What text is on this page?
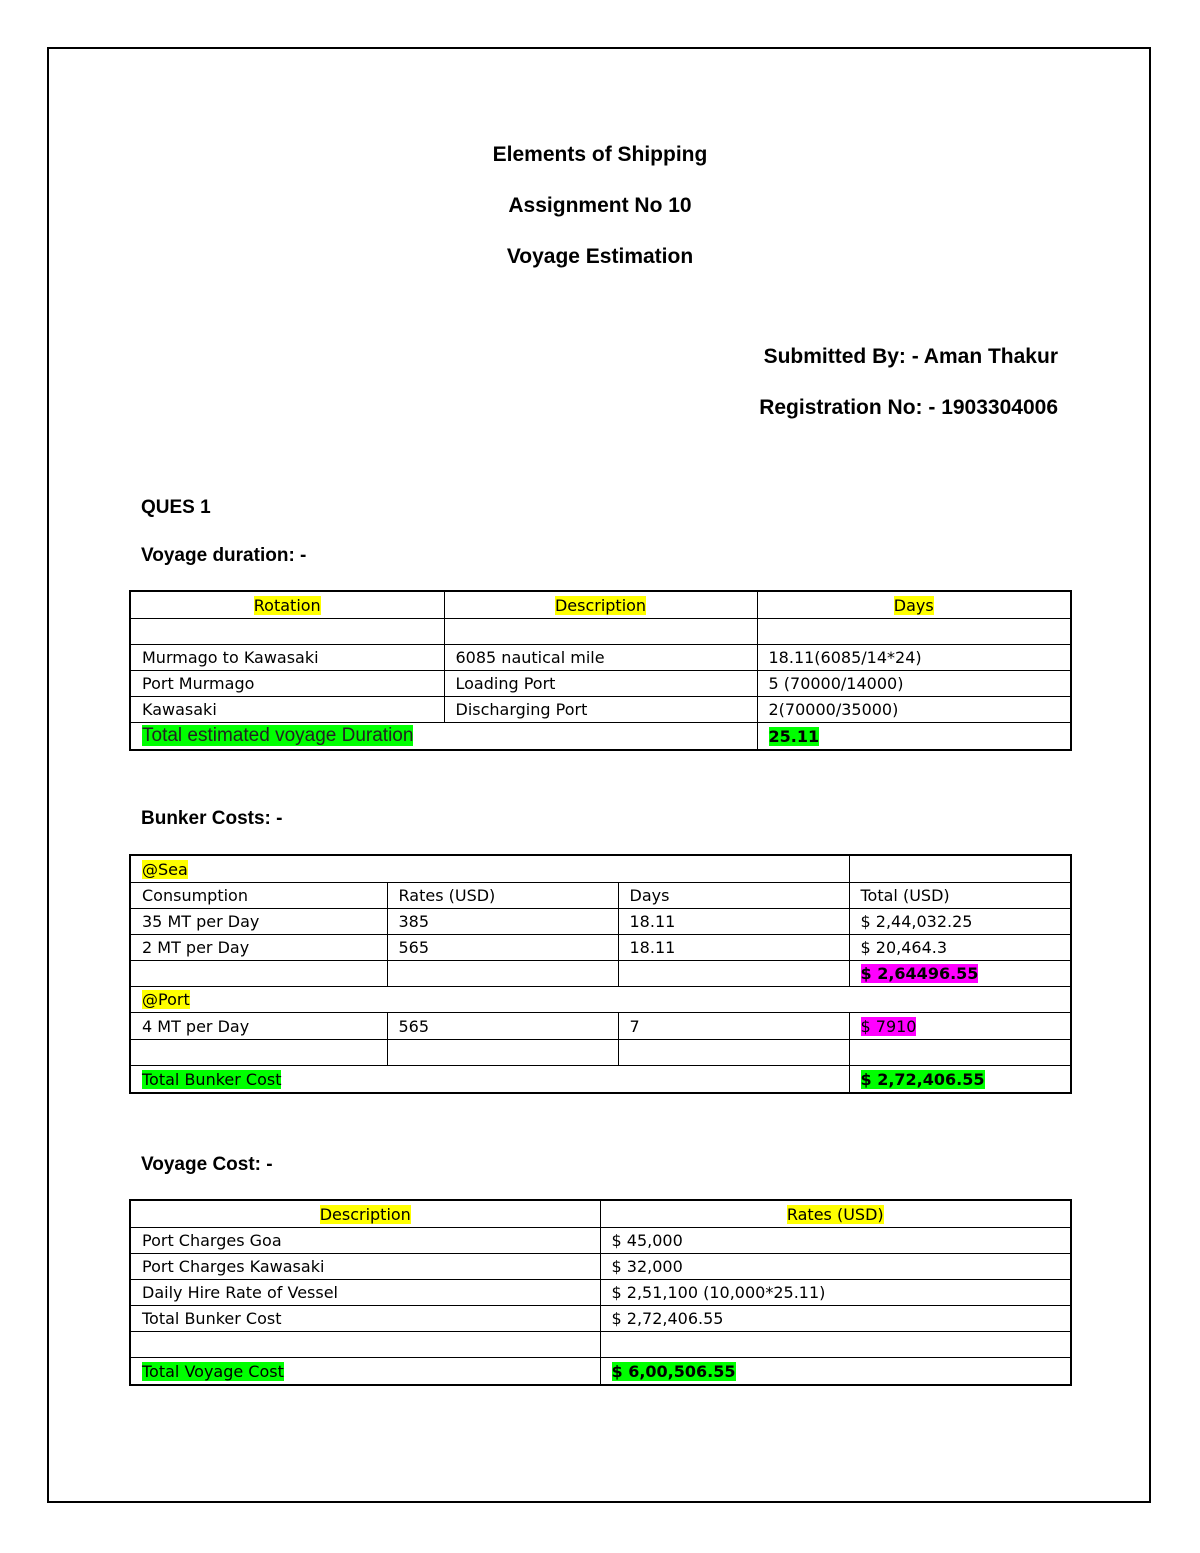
Elements of Shipping
Assignment No 10
Voyage Estimation
Submitted By: - Aman Thakur
Registration No: - 1903304006
QUES 1
Voyage duration: -
Rotation	Description	Days

Murmago to Kawasaki	6085 nautical mile	18.11(6085/14*24)
Port Murmago	Loading Port	5 (70000/14000)
Kawasaki	Discharging Port	2(70000/35000)
Total estimated voyage Duration		25.11
Bunker Costs: -
@Sea			
Consumption	Rates (USD)	Days	Total (USD)
35 MT per Day	385	18.11	$ 2,44,032.25
2 MT per Day	565	18.11	$ 20,464.3
			$ 2,64496.55
@Port			
4 MT per Day	565	7	$ 7910

Total Bunker Cost			$ 2,72,406.55
Voyage Cost: -
Description	Rates (USD)
Port Charges Goa	$ 45,000
Port Charges Kawasaki	$ 32,000
Daily Hire Rate of Vessel	$ 2,51,100 (10,000*25.11)
Total Bunker Cost	$ 2,72,406.55

Total Voyage Cost	$ 6,00,506.55
